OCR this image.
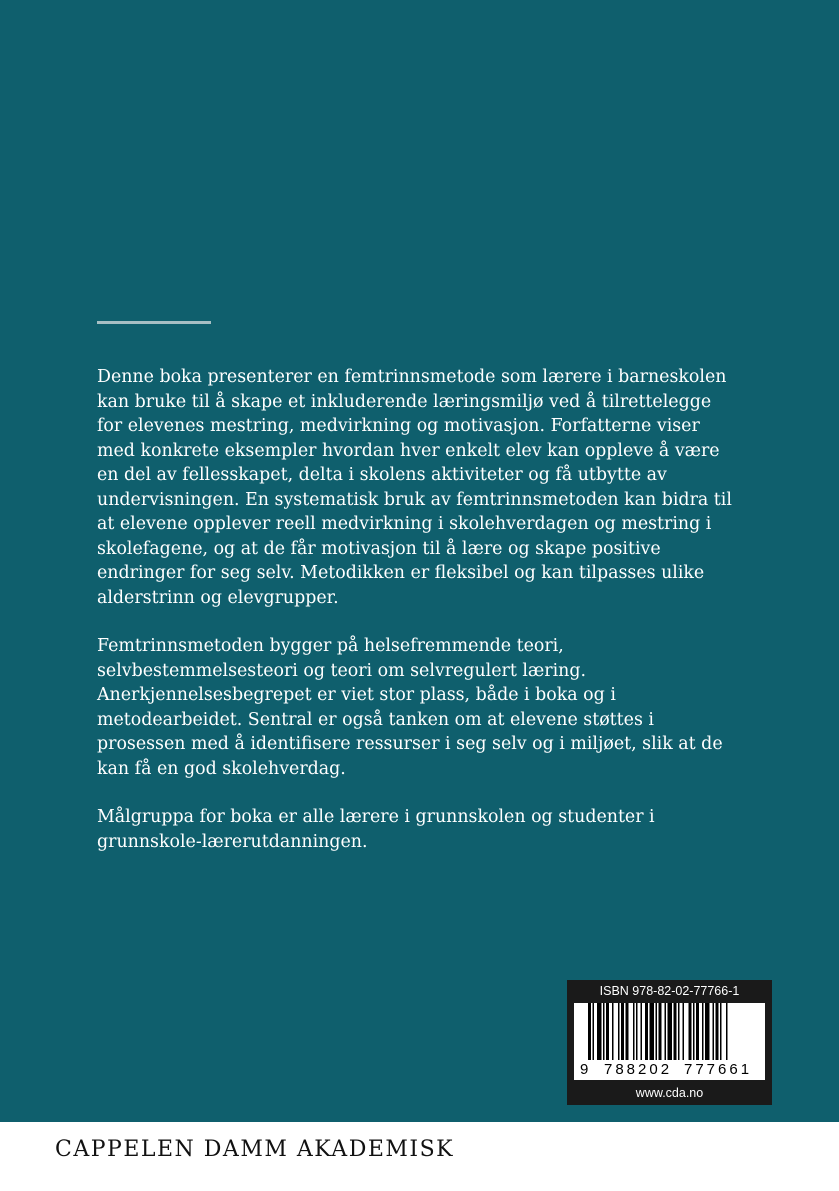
Denne boka presenterer en femtrinnsmetode som lærere i barneskolen kan bruke til å skape et inkluderende læringsmiljø ved å tilrettelegge for elevenes mestring, medvirkning og motivasjon. Forfatterne viser med konkrete eksempler hvordan hver enkelt elev kan oppleve å være en del av fellesskapet, delta i skolens aktiviteter og få utbytte av undervisningen. En systematisk bruk av femtrinnsmetoden kan bidra til at elevene opplever reell medvirkning i skolehverdagen og mestring i skolefagene, og at de får motivasjon til å lære og skape positive endringer for seg selv. Metodikken er fleksibel og kan tilpasses ulike alderstrinn og elevgrupper.

Femtrinnsmetoden bygger på helsefremmende teori, selvbestemmelsesteori og teori om selvregulert læring. Anerkjennelsesbegrepet er viet stor plass, både i boka og i metodearbeidet. Sentral er også tanken om at elevene støttes i prosessen med å identifisere ressurser i seg selv og i miljøet, slik at de kan få en god skolehverdag.

Målgruppa for boka er alle lærere i grunnskolen og studenter i grunnskole-lærerutdanningen.

ISBN 978-82-02-77766-1
9 788202 777661
www.cda.no
CAPPELEN DAMM AKADEMISK
